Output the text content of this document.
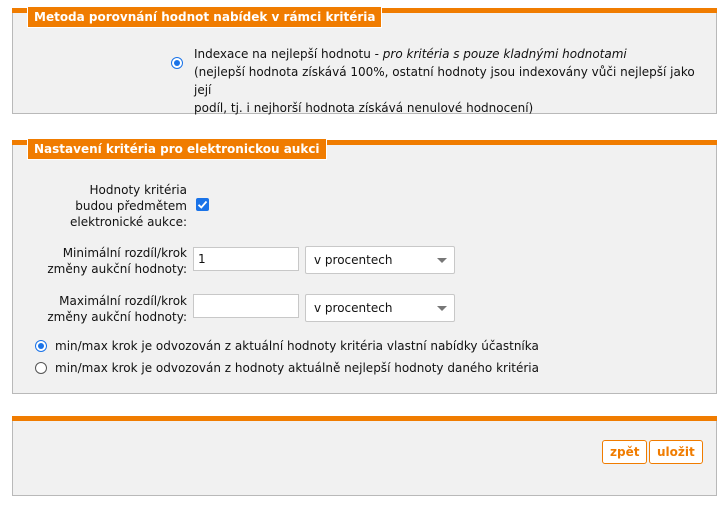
Metoda porovnání hodnot nabídek v rámci kritéria
Indexace na nejlepší hodnotu - pro kritéria s pouze kladnými hodnotami
(nejlepší hodnota získává 100%, ostatní hodnoty jsou indexovány vůči nejlepší jako její
podíl, tj. i nejhorší hodnota získává nenulové hodnocení)
Nastavení kritéria pro elektronickou aukci
Hodnoty kritéria
budou předmětem
elektronické aukce:
Minimální rozdíl/krok
změny aukční hodnoty:
1	v procentech
Maximální rozdíl/krok
změny aukční hodnoty:
v procentech
min/max krok je odvozován z aktuální hodnoty kritéria vlastní nabídky účastníka
min/max krok je odvozován z hodnoty aktuálně nejlepší hodnoty daného kritéria
zpět	uložit
